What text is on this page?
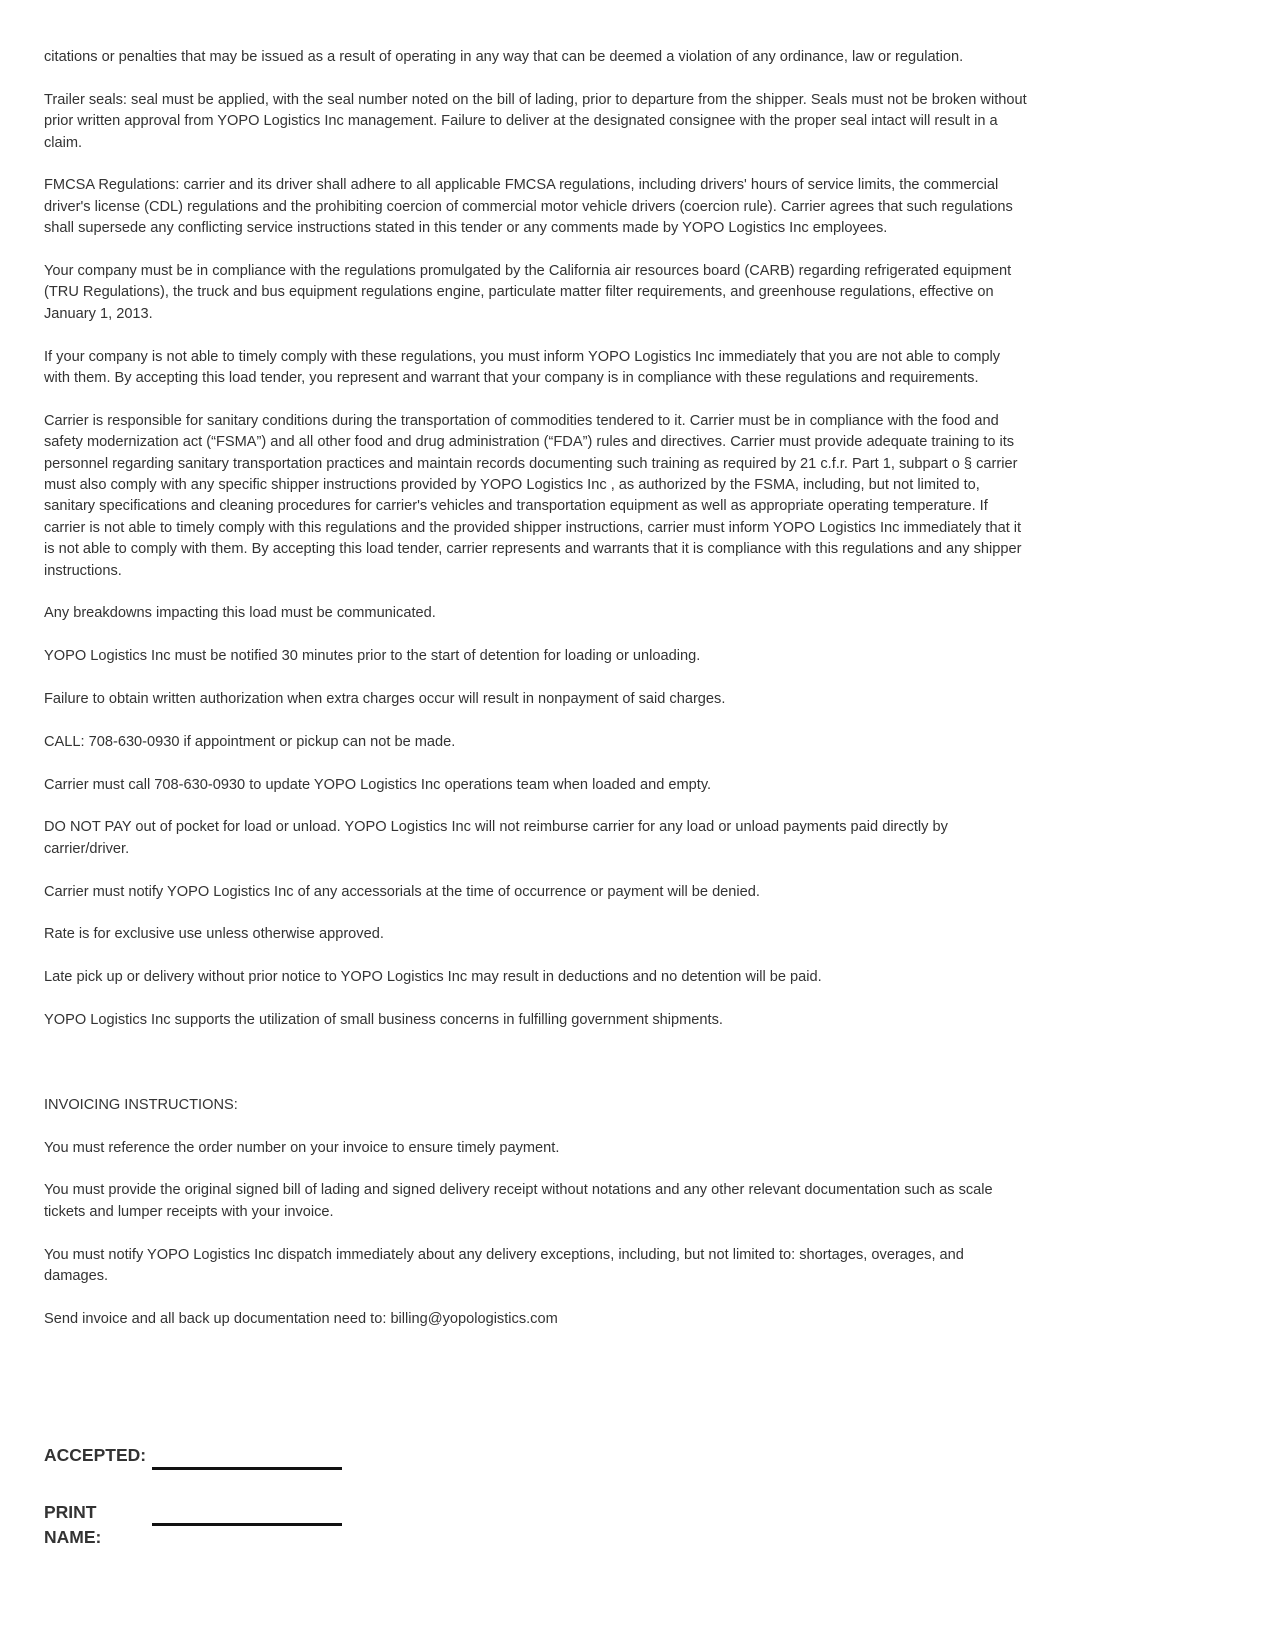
citations or penalties that may be issued as a result of operating in any way that can be deemed a violation of any ordinance, law or regulation.

Trailer seals: seal must be applied, with the seal number noted on the bill of lading, prior to departure from the shipper. Seals must not be broken without prior written approval from YOPO Logistics Inc management. Failure to deliver at the designated consignee with the proper seal intact will result in a claim.

FMCSA Regulations: carrier and its driver shall adhere to all applicable FMCSA regulations, including drivers' hours of service limits, the commercial driver's license (CDL) regulations and the prohibiting coercion of commercial motor vehicle drivers (coercion rule). Carrier agrees that such regulations shall supersede any conflicting service instructions stated in this tender or any comments made by YOPO Logistics Inc employees.

Your company must be in compliance with the regulations promulgated by the California air resources board (CARB) regarding refrigerated equipment (TRU Regulations), the truck and bus equipment regulations engine, particulate matter filter requirements, and greenhouse regulations, effective on January 1, 2013.

If your company is not able to timely comply with these regulations, you must inform YOPO Logistics Inc immediately that you are not able to comply with them. By accepting this load tender, you represent and warrant that your company is in compliance with these regulations and requirements.

Carrier is responsible for sanitary conditions during the transportation of commodities tendered to it. Carrier must be in compliance with the food and safety modernization act (“FSMA”) and all other food and drug administration (“FDA”) rules and directives. Carrier must provide adequate training to its personnel regarding sanitary transportation practices and maintain records documenting such training as required by 21 c.f.r. Part 1, subpart o § carrier must also comply with any specific shipper instructions provided by YOPO Logistics Inc , as authorized by the FSMA, including, but not limited to, sanitary specifications and cleaning procedures for carrier's vehicles and transportation equipment as well as appropriate operating temperature. If carrier is not able to timely comply with this regulations and the provided shipper instructions, carrier must inform YOPO Logistics Inc immediately that it is not able to comply with them. By accepting this load tender, carrier represents and warrants that it is compliance with this regulations and any shipper instructions.

Any breakdowns impacting this load must be communicated.

YOPO Logistics Inc must be notified 30 minutes prior to the start of detention for loading or unloading.

Failure to obtain written authorization when extra charges occur will result in nonpayment of said charges.

CALL: 708-630-0930 if appointment or pickup can not be made.

Carrier must call 708-630-0930 to update YOPO Logistics Inc operations team when loaded and empty.

DO NOT PAY out of pocket for load or unload. YOPO Logistics Inc will not reimburse carrier for any load or unload payments paid directly by carrier/driver.

Carrier must notify YOPO Logistics Inc of any accessorials at the time of occurrence or payment will be denied.

Rate is for exclusive use unless otherwise approved.

Late pick up or delivery without prior notice to YOPO Logistics Inc may result in deductions and no detention will be paid.

YOPO Logistics Inc supports the utilization of small business concerns in fulfilling government shipments.

INVOICING INSTRUCTIONS:

You must reference the order number on your invoice to ensure timely payment.

You must provide the original signed bill of lading and signed delivery receipt without notations and any other relevant documentation such as scale tickets and lumper receipts with your invoice.

You must notify YOPO Logistics Inc dispatch immediately about any delivery exceptions, including, but not limited to: shortages, overages, and damages.

Send invoice and all back up documentation need to: billing@yopologistics.com

ACCEPTED:
PRINT
NAME:
